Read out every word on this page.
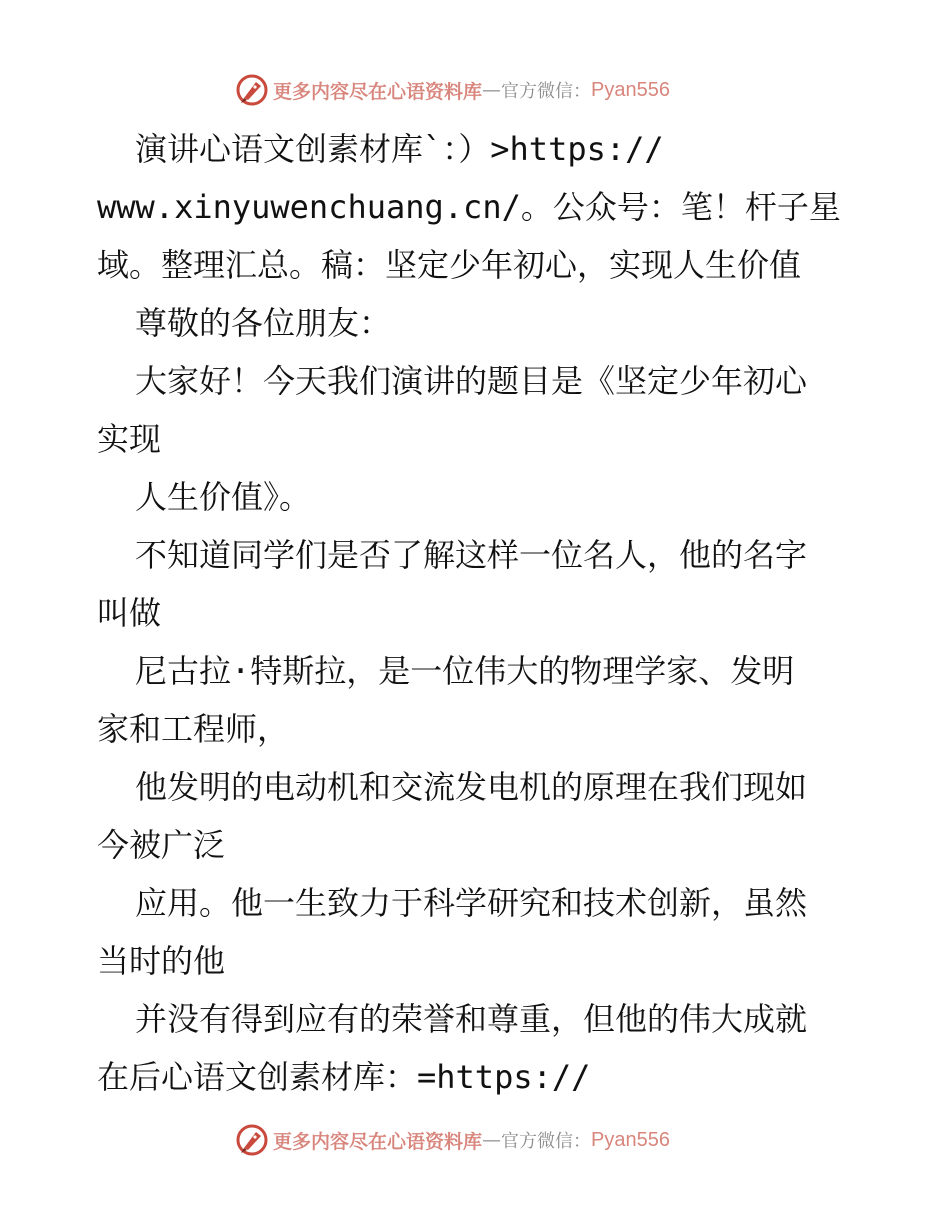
更多内容尽在心语资料库 — 官方微信： Pyan556
演讲心语文创素材库`：）>https://
www.xinyuwenchuang.cn/。公众号：笔！杆子星
域。整理汇总。稿：坚定少年初心，实现人生价值
尊敬的各位朋友：
大家好！今天我们演讲的题目是《坚定少年初心
实现
人生价值》。
不知道同学们是否了解这样一位名人，他的名字
叫做
尼古拉·特斯拉，是一位伟大的物理学家、发明
家和工程师，
他发明的电动机和交流发电机的原理在我们现如
今被广泛
应用。他一生致力于科学研究和技术创新，虽然
当时的他
并没有得到应有的荣誉和尊重，但他的伟大成就
在后心语文创素材库：=https://
更多内容尽在心语资料库 — 官方微信： Pyan556
